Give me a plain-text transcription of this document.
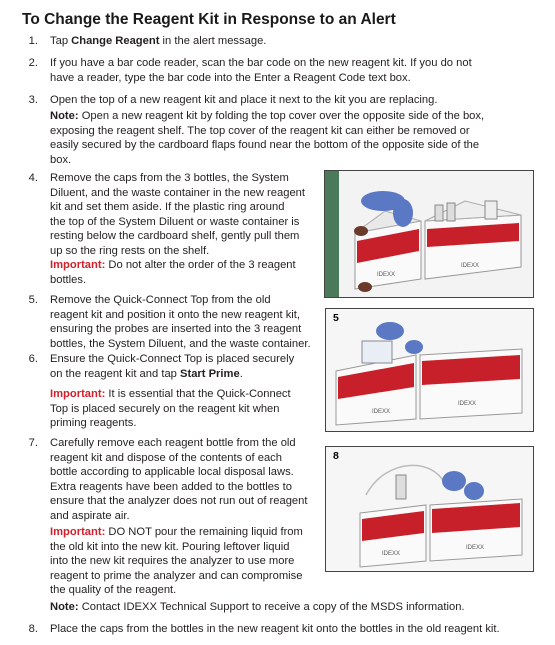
To Change the Reagent Kit in Response to an Alert
1. Tap Change Reagent in the alert message.
2. If you have a bar code reader, scan the bar code on the new reagent kit. If you do not
have a reader, type the bar code into the Enter a Reagent Code text box.
3. Open the top of a new reagent kit and place it next to the kit you are replacing.
Note: Open a new reagent kit by folding the top cover over the opposite side of the box,
exposing the reagent shelf. The top cover of the reagent kit can either be removed or
easily secured by the cardboard flaps found near the bottom of the opposite side of the
box.
4. Remove the caps from the 3 bottles, the System
Diluent, and the waste container in the new reagent
kit and set them aside. If the plastic ring around
the top of the System Diluent or waste container is
resting below the cardboard shelf, gently pull them
up so the ring rests on the shelf.
Important: Do not alter the order of the 3 reagent
bottles.
5. Remove the Quick-Connect Top from the old
reagent kit and position it onto the new reagent kit,
ensuring the probes are inserted into the 3 reagent
bottles, the System Diluent, and the waste container.
6. Ensure the Quick-Connect Top is placed securely
on the reagent kit and tap Start Prime.
Important: It is essential that the Quick-Connect
Top is placed securely on the reagent kit when
priming reagents.
7. Carefully remove each reagent bottle from the old
reagent kit and dispose of the contents of each
bottle according to applicable local disposal laws.
Extra reagents have been added to the bottles to
ensure that the analyzer does not run out of reagent
and aspirate air.
Important: DO NOT pour the remaining liquid from
the old kit into the new kit. Pouring leftover liquid
into the new kit requires the analyzer to use more
reagent to prime the analyzer and can compromise
the quality of the reagent.
Note: Contact IDEXX Technical Support to receive a copy of the MSDS information.
8. Place the caps from the bottles in the new reagent kit onto the bottles in the old reagent kit.
IDEXX
IDEXX
IDEXX
IDEXX
5
IDEXX
IDEXX
8
